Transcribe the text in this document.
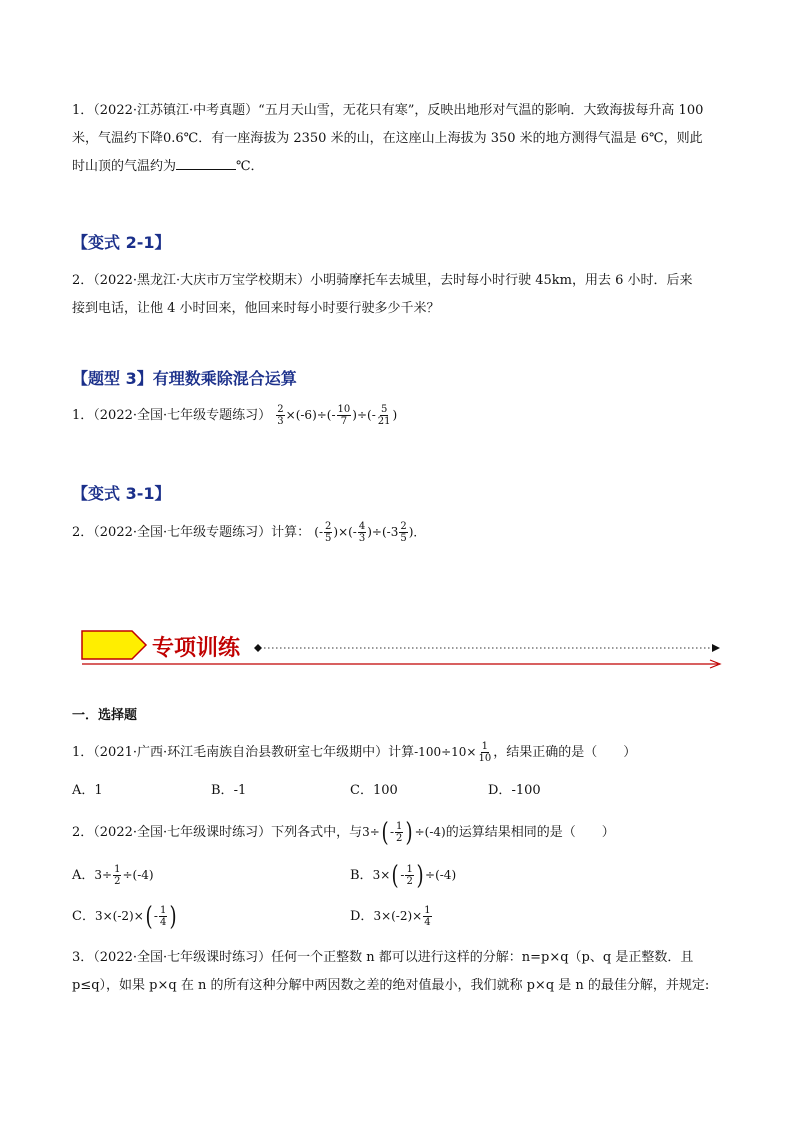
1．（2022·江苏镇江·中考真题）“五月天山雪，无花只有寒”，反映出地形对气温的影响．大致海拔每升高 100
米，气温约下降0.6℃．有一座海拔为 2350 米的山，在这座山上海拔为 350 米的地方测得气温是 6℃，则此
时山顶的气温约为	℃．
【变式 2-1】
2．（2022·黑龙江·大庆市万宝学校期末）小明骑摩托车去城里，去时每小时行驶 45km，用去 6 小时．后来
接到电话，让他 4 小时回来，他回来时每小时要行驶多少千米？
【题型 3】有理数乘除混合运算
1．（2022·全国·七年级专题练习） $\frac{2}{3} \times(-6)\div(- \frac{10}{7}$ )÷(- $\frac{5}{21}$ )
【变式 3-1】
2．（2022·全国·七年级专题练习）计算： (- $\frac{2}{5}$ )×(- $\frac{4}{3} )\div(-3 \frac{2}{5}$ )．
专项训练
一．选择题
1．（2021·广西·环江毛南族自治县教研室七年级期中）计算$-100\div 10\times \frac{1}{10}$ ，结果正确的是（　　）
A．1	B．-1	C．100	D．-100
2．（2022·全国·七年级课时练习）下列各式中，与$3\div( - \frac{1}{2}$ ) ÷(-4)的运算结果相同的是（　　）
A．$3\div \frac{1}{2} \div(-4)$	B．$3\times( - \frac{1}{2}$ ) ÷(-4)
C．$3\times(-2)\times( - \frac{1}{4}$ )	D．$3\times(-2)\times \frac{1}{4}$
3．（2022·全国·七年级课时练习）任何一个正整数 n 都可以进行这样的分解：n=p×q（p、q 是正整数．且
p≤q），如果 p×q 在 n 的所有这种分解中两因数之差的绝对值最小，我们就称 p×q 是 n 的最佳分解，并规定:
